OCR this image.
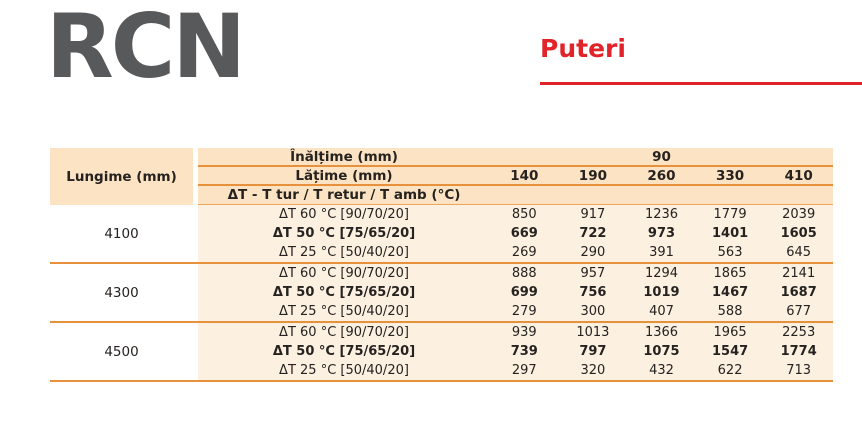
RCN	Puteri
Lungime (mm)
Înălțime (mm)	90
Lățime (mm)	140	190	260	330	410
ΔT - T tur / T retur / T amb (°C)
4100
ΔT 60 °C [90/70/20]	850	917	1236	1779	2039
ΔT 50 °C [75/65/20]	669	722	973	1401	1605
ΔT 25 °C [50/40/20]	269	290	391	563	645
4300
ΔT 60 °C [90/70/20]	888	957	1294	1865	2141
ΔT 50 °C [75/65/20]	699	756	1019	1467	1687
ΔT 25 °C [50/40/20]	279	300	407	588	677
4500
ΔT 60 °C [90/70/20]	939	1013	1366	1965	2253
ΔT 50 °C [75/65/20]	739	797	1075	1547	1774
ΔT 25 °C [50/40/20]	297	320	432	622	713
